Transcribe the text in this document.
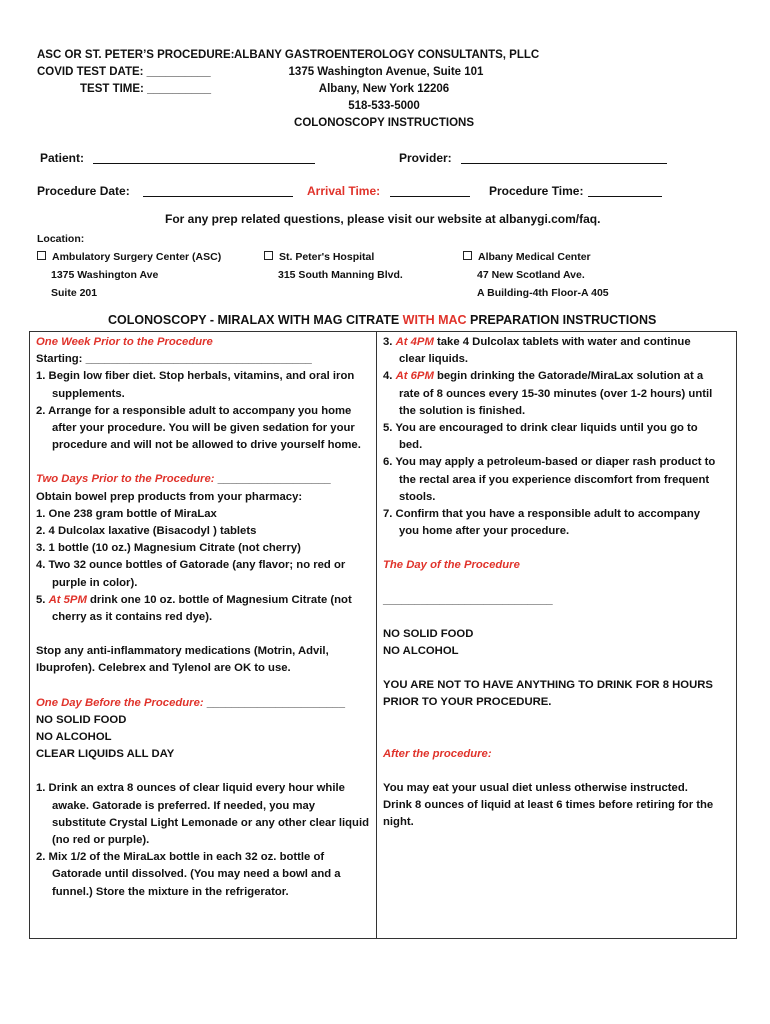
ASC OR ST. PETER’S PROCEDURE:
COVID TEST DATE: __________
TEST TIME: __________
ALBANY GASTROENTEROLOGY CONSULTANTS, PLLC
1375 Washington Avenue, Suite 101
Albany, New York 12206
518-533-5000
COLONOSCOPY INSTRUCTIONS
Patient:	Provider:
Procedure Date:	Arrival Time:	Procedure Time:
For any prep related questions, please visit our website at albanygi.com/faq.
Location:
Ambulatory Surgery Center (ASC)
1375 Washington Ave
Suite 201
St. Peter's Hospital
315 South Manning Blvd.
Albany Medical Center
47 New Scotland Ave.
A Building-4th Floor-A 405
COLONOSCOPY - MIRALAX WITH MAG CITRATE WITH MAC PREPARATION INSTRUCTIONS
One Week Prior to the Procedure
Starting: ____________________________________
1. Begin low fiber diet. Stop herbals, vitamins, and oral iron supplements.
2. Arrange for a responsible adult to accompany you home after your procedure. You will be given sedation for your procedure and will not be allowed to drive yourself home.
Two Days Prior to the Procedure: __________________
Obtain bowel prep products from your pharmacy:
1. One 238 gram bottle of MiraLax
2. 4 Dulcolax laxative (Bisacodyl ) tablets
3. 1 bottle (10 oz.) Magnesium Citrate (not cherry)
4. Two 32 ounce bottles of Gatorade (any flavor; no red or purple in color).
5. At 5PM drink one 10 oz. bottle of Magnesium Citrate (not cherry as it contains red dye).
Stop any anti-inflammatory medications (Motrin, Advil, Ibuprofen). Celebrex and Tylenol are OK to use.
One Day Before the Procedure: ______________________
NO SOLID FOOD
NO ALCOHOL
CLEAR LIQUIDS ALL DAY
1. Drink an extra 8 ounces of clear liquid every hour while awake. Gatorade is preferred. If needed, you may substitute Crystal Light Lemonade or any other clear liquid (no red or purple).
2. Mix 1/2 of the MiraLax bottle in each 32 oz. bottle of Gatorade until dissolved. (You may need a bowl and a funnel.) Store the mixture in the refrigerator.
3. At 4PM take 4 Dulcolax tablets with water and continue clear liquids.
4. At 6PM begin drinking the Gatorade/MiraLax solution at a rate of 8 ounces every 15-30 minutes (over 1-2 hours) until the solution is finished.
5. You are encouraged to drink clear liquids until you go to bed.
6. You may apply a petroleum-based or diaper rash product to the rectal area if you experience discomfort from frequent stools.
7. Confirm that you have a responsible adult to accompany you home after your procedure.
The Day of the Procedure
___________________________
NO SOLID FOOD
NO ALCOHOL
YOU ARE NOT TO HAVE ANYTHING TO DRINK FOR 8 HOURS PRIOR TO YOUR PROCEDURE.
After the procedure:
You may eat your usual diet unless otherwise instructed. Drink 8 ounces of liquid at least 6 times before retiring for the night.
